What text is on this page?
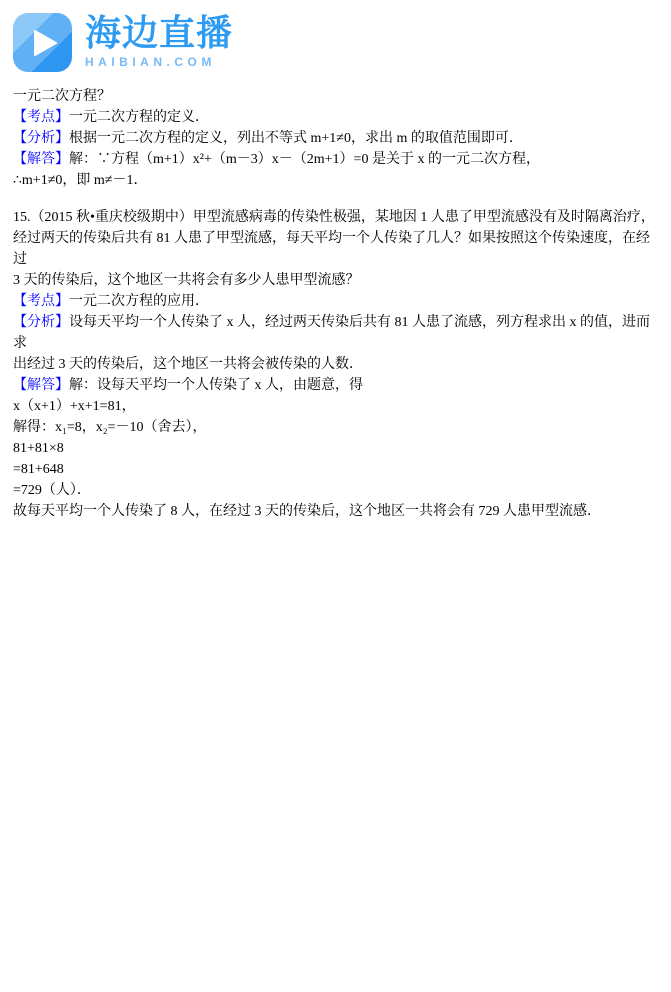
海边直播
HAIBIAN.COM

一元二次方程？

【考点】一元二次方程的定义．

【分析】根据一元二次方程的定义，列出不等式 m+1≠0，求出 m 的取值范围即可．

【解答】解：∵方程（m+1）x²+（m－3）x－（2m+1）=0 是关于 x 的一元二次方程，

∴m+1≠0，即 m≠－1．

15.（2015 秋•重庆校级期中）甲型流感病毒的传染性极强，某地因 1 人患了甲型流感没有及时隔离治疗，

经过两天的传染后共有 81 人患了甲型流感，每天平均一个人传染了几人？如果按照这个传染速度，在经过

3 天的传染后，这个地区一共将会有多少人患甲型流感？

【考点】一元二次方程的应用．

【分析】设每天平均一个人传染了 x 人，经过两天传染后共有 81 人患了流感，列方程求出 x 的值，进而求

出经过 3 天的传染后，这个地区一共将会被传染的人数．

【解答】解：设每天平均一个人传染了 x 人，由题意，得

x（x+1）+x+1=81，

解得：x₁=8，x₂=－10（舍去），

81+81×8

=81+648

=729（人）．

故每天平均一个人传染了 8 人，在经过 3 天的传染后，这个地区一共将会有 729 人患甲型流感．
